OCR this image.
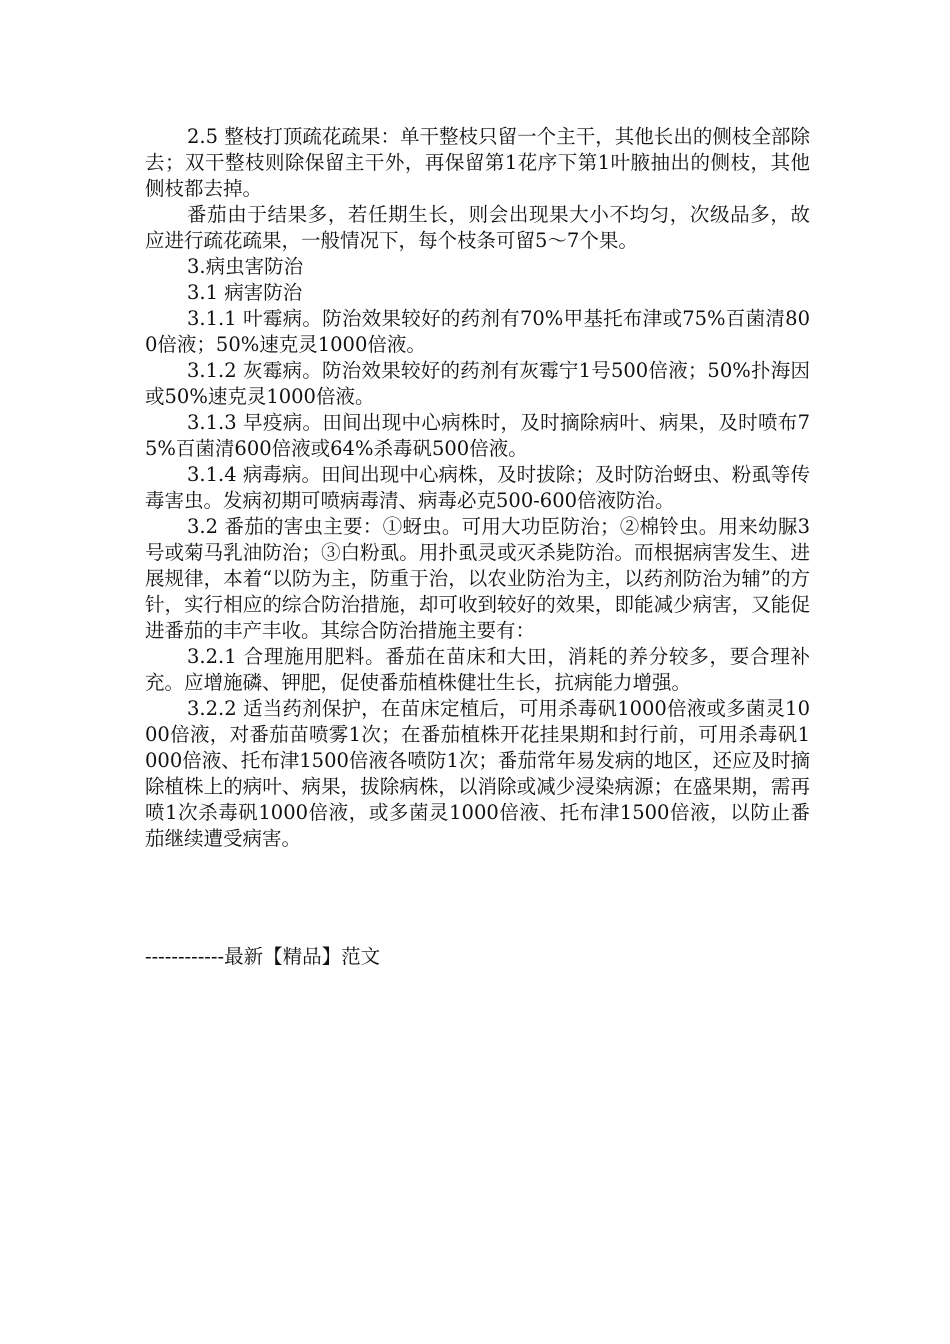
2.5 整枝打顶疏花疏果：单干整枝只留一个主干，其他长出的侧枝全部除去；双干整枝则除保留主干外，再保留第1花序下第1叶腋抽出的侧枝，其他侧枝都去掉。

番茄由于结果多，若任期生长，则会出现果大小不均匀，次级品多，故应进行疏花疏果，一般情况下，每个枝条可留5～7个果。

3.病虫害防治

3.1 病害防治

3.1.1 叶霉病。防治效果较好的药剂有70%甲基托布津或75%百菌清800倍液；50%速克灵1000倍液。

3.1.2 灰霉病。防治效果较好的药剂有灰霉宁1号500倍液；50%扑海因或50%速克灵1000倍液。

3.1.3 早疫病。田间出现中心病株时，及时摘除病叶、病果，及时喷布75%百菌清600倍液或64%杀毒矾500倍液。

3.1.4 病毒病。田间出现中心病株，及时拔除；及时防治蚜虫、粉虱等传毒害虫。发病初期可喷病毒清、病毒必克500-600倍液防治。

3.2 番茄的害虫主要：①蚜虫。可用大功臣防治；②棉铃虫。用来幼脲3号或菊马乳油防治；③白粉虱。用扑虱灵或灭杀毙防治。而根据病害发生、进展规律，本着“以防为主，防重于治，以农业防治为主，以药剂防治为辅”的方针，实行相应的综合防治措施，却可收到较好的效果，即能减少病害，又能促进番茄的丰产丰收。其综合防治措施主要有：

3.2.1 合理施用肥料。番茄在苗床和大田，消耗的养分较多，要合理补充。应增施磷、钾肥，促使番茄植株健壮生长，抗病能力增强。

3.2.2 适当药剂保护，在苗床定植后，可用杀毒矾1000倍液或多菌灵1000倍液，对番茄苗喷雾1次；在番茄植株开花挂果期和封行前，可用杀毒矾1000倍液、托布津1500倍液各喷防1次；番茄常年易发病的地区，还应及时摘除植株上的病叶、病果，拔除病株，以消除或减少浸染病源；在盛果期，需再喷1次杀毒矾1000倍液，或多菌灵1000倍液、托布津1500倍液，以防止番茄继续遭受病害。

------------最新【精品】范文
